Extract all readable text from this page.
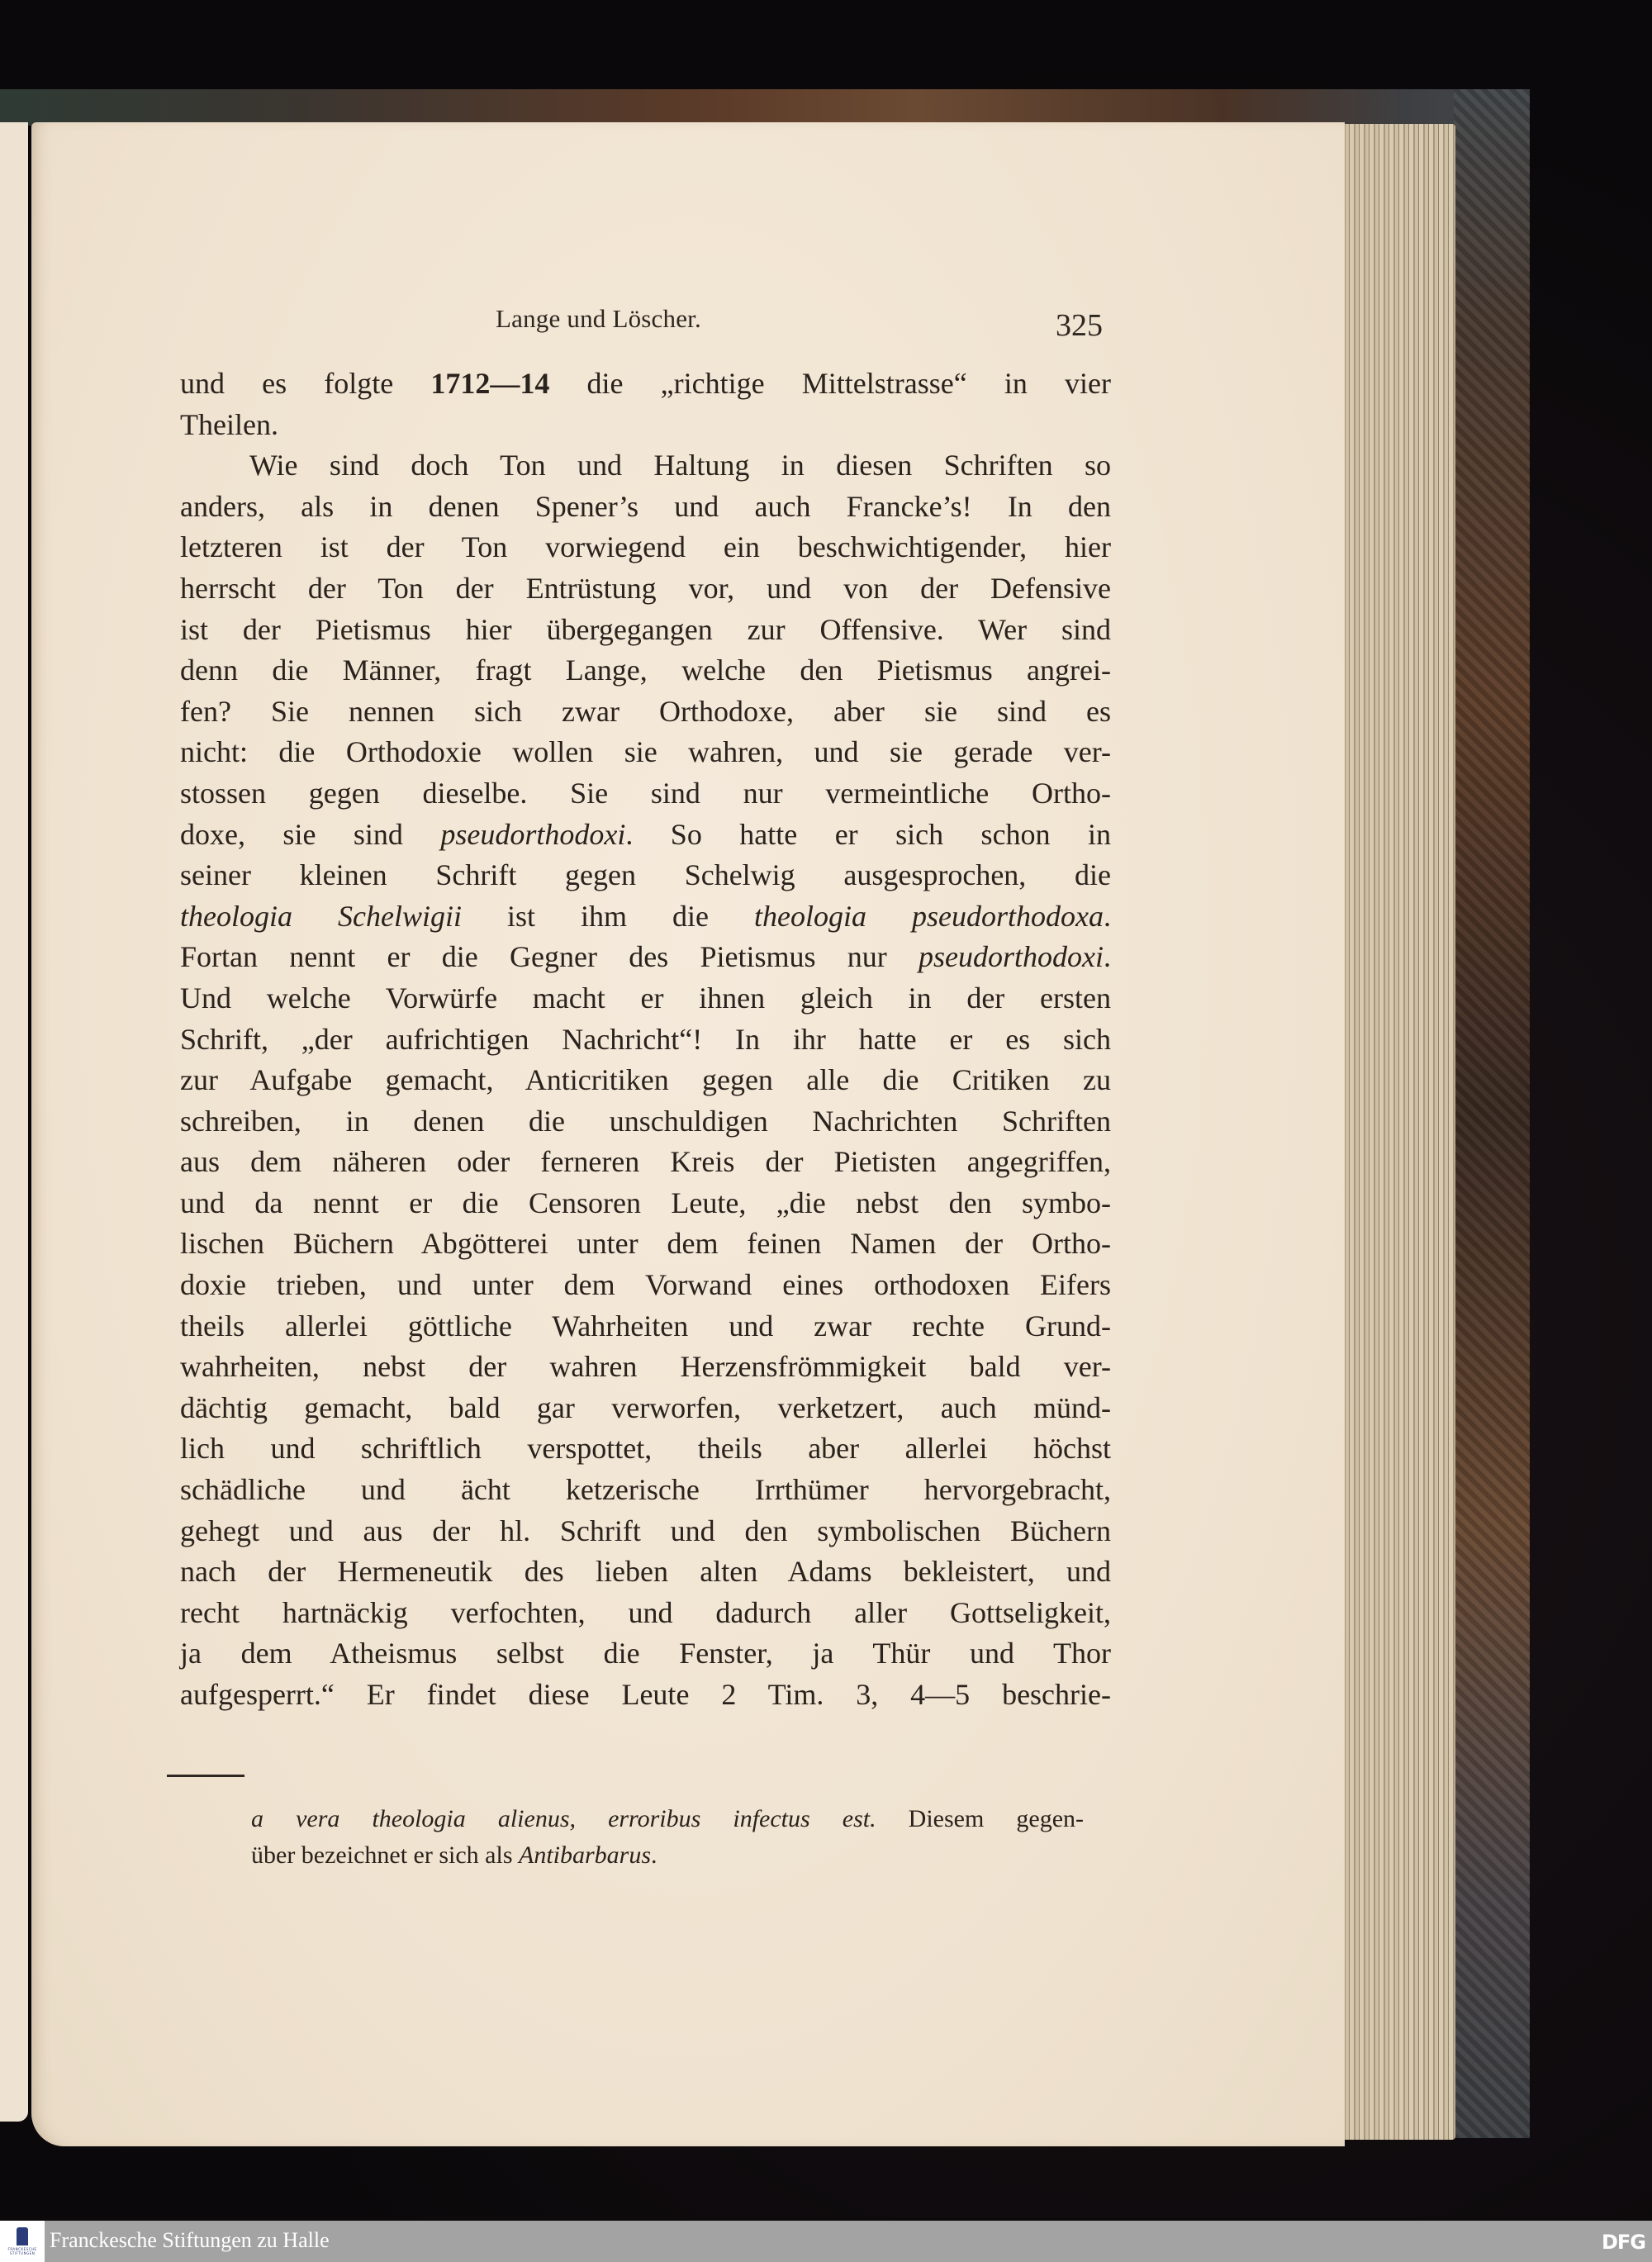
Lange und Löscher.	325
und es folgte 1712—14 die „richtige Mittelstrasse“ in vier
Theilen.
Wie sind doch Ton und Haltung in diesen Schriften so
anders, als in denen Spener’s und auch Francke’s! In den
letzteren ist der Ton vorwiegend ein beschwichtigender, hier
herrscht der Ton der Entrüstung vor, und von der Defensive
ist der Pietismus hier übergegangen zur Offensive. Wer sind
denn die Männer, fragt Lange, welche den Pietismus angrei-
fen? Sie nennen sich zwar Orthodoxe, aber sie sind es
nicht: die Orthodoxie wollen sie wahren, und sie gerade ver-
stossen gegen dieselbe. Sie sind nur vermeintliche Ortho-
doxe, sie sind pseudorthodoxi. So hatte er sich schon in
seiner kleinen Schrift gegen Schelwig ausgesprochen, die
theologia Schelwigii ist ihm die theologia pseudorthodoxa.
Fortan nennt er die Gegner des Pietismus nur pseudorthodoxi.
Und welche Vorwürfe macht er ihnen gleich in der ersten
Schrift, „der aufrichtigen Nachricht“! In ihr hatte er es sich
zur Aufgabe gemacht, Anticritiken gegen alle die Critiken zu
schreiben, in denen die unschuldigen Nachrichten Schriften
aus dem näheren oder ferneren Kreis der Pietisten angegriffen,
und da nennt er die Censoren Leute, „die nebst den symbo-
lischen Büchern Abgötterei unter dem feinen Namen der Ortho-
doxie trieben, und unter dem Vorwand eines orthodoxen Eifers
theils allerlei göttliche Wahrheiten und zwar rechte Grund-
wahrheiten, nebst der wahren Herzensfrömmigkeit bald ver-
dächtig gemacht, bald gar verworfen, verketzert, auch münd-
lich und schriftlich verspottet, theils aber allerlei höchst
schädliche und ächt ketzerische Irrthümer hervorgebracht,
gehegt und aus der hl. Schrift und den symbolischen Büchern
nach der Hermeneutik des lieben alten Adams bekleistert, und
recht hartnäckig verfochten, und dadurch aller Gottseligkeit,
ja dem Atheismus selbst die Fenster, ja Thür und Thor
aufgesperrt.“ Er findet diese Leute 2 Tim. 3, 4—5 beschrie-
a vera theologia alienus, erroribus infectus est. Diesem gegen-
über bezeichnet er sich als Antibarbarus.
FRANCKESCHE STIFTUNGEN
Franckesche Stiftungen zu Halle	DFG
